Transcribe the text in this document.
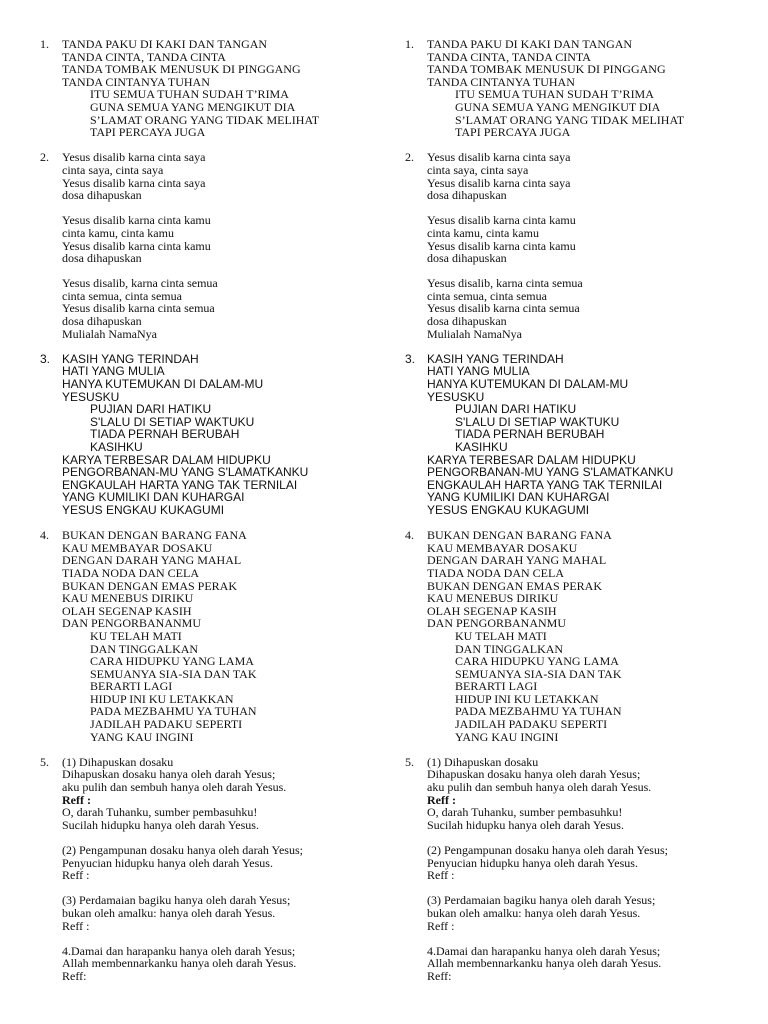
1. TANDA PAKU DI KAKI DAN TANGAN
TANDA CINTA, TANDA CINTA
TANDA TOMBAK MENUSUK DI PINGGANG
TANDA CINTANYA TUHAN
ITU SEMUA TUHAN SUDAH T’RIMA
GUNA SEMUA YANG MENGIKUT DIA
S’LAMAT ORANG YANG TIDAK MELIHAT
TAPI PERCAYA JUGA
2. Yesus disalib karna cinta saya
cinta saya, cinta saya
Yesus disalib karna cinta saya
dosa dihapuskan
Yesus disalib karna cinta kamu
cinta kamu, cinta kamu
Yesus disalib karna cinta kamu
dosa dihapuskan
Yesus disalib, karna cinta semua
cinta semua, cinta semua
Yesus disalib karna cinta semua
dosa dihapuskan
Mulialah NamaNya
3. KASIH YANG TERINDAH
HATI YANG MULIA
HANYA KUTEMUKAN DI DALAM-MU
YESUSKU
PUJIAN DARI HATIKU
S'LALU DI SETIAP WAKTUKU
TIADA PERNAH BERUBAH
KASIHKU
KARYA TERBESAR DALAM HIDUPKU
PENGORBANAN-MU YANG S'LAMATKANKU
ENGKAULAH HARTA YANG TAK TERNILAI
YANG KUMILIKI DAN KUHARGAI
YESUS ENGKAU KUKAGUMI
4. BUKAN DENGAN BARANG FANA
KAU MEMBAYAR DOSAKU
DENGAN DARAH YANG MAHAL
TIADA NODA DAN CELA
BUKAN DENGAN EMAS PERAK
KAU MENEBUS DIRIKU
OLAH SEGENAP KASIH
DAN PENGORBANANMU
KU TELAH MATI
DAN TINGGALKAN
CARA HIDUPKU YANG LAMA
SEMUANYA SIA-SIA DAN TAK
BERARTI LAGI
HIDUP INI KU LETAKKAN
PADA MEZBAHMU YA TUHAN
JADILAH PADAKU SEPERTI
YANG KAU INGINI
5. (1) Dihapuskan dosaku
Dihapuskan dosaku hanya oleh darah Yesus;
aku pulih dan sembuh hanya oleh darah Yesus.
Reff :
O, darah Tuhanku, sumber pembasuhku!
Sucilah hidupku hanya oleh darah Yesus.
(2) Pengampunan dosaku hanya oleh darah Yesus;
Penyucian hidupku hanya oleh darah Yesus.
Reff :
(3) Perdamaian bagiku hanya oleh darah Yesus;
bukan oleh amalku: hanya oleh darah Yesus.
Reff :
4.Damai dan harapanku hanya oleh darah Yesus;
Allah membennarkanku hanya oleh darah Yesus.
Reff:
1. TANDA PAKU DI KAKI DAN TANGAN
TANDA CINTA, TANDA CINTA
TANDA TOMBAK MENUSUK DI PINGGANG
TANDA CINTANYA TUHAN
ITU SEMUA TUHAN SUDAH T’RIMA
GUNA SEMUA YANG MENGIKUT DIA
S’LAMAT ORANG YANG TIDAK MELIHAT
TAPI PERCAYA JUGA
2. Yesus disalib karna cinta saya
cinta saya, cinta saya
Yesus disalib karna cinta saya
dosa dihapuskan
Yesus disalib karna cinta kamu
cinta kamu, cinta kamu
Yesus disalib karna cinta kamu
dosa dihapuskan
Yesus disalib, karna cinta semua
cinta semua, cinta semua
Yesus disalib karna cinta semua
dosa dihapuskan
Mulialah NamaNya
3. KASIH YANG TERINDAH
HATI YANG MULIA
HANYA KUTEMUKAN DI DALAM-MU
YESUSKU
PUJIAN DARI HATIKU
S'LALU DI SETIAP WAKTUKU
TIADA PERNAH BERUBAH
KASIHKU
KARYA TERBESAR DALAM HIDUPKU
PENGORBANAN-MU YANG S'LAMATKANKU
ENGKAULAH HARTA YANG TAK TERNILAI
YANG KUMILIKI DAN KUHARGAI
YESUS ENGKAU KUKAGUMI
4. BUKAN DENGAN BARANG FANA
KAU MEMBAYAR DOSAKU
DENGAN DARAH YANG MAHAL
TIADA NODA DAN CELA
BUKAN DENGAN EMAS PERAK
KAU MENEBUS DIRIKU
OLAH SEGENAP KASIH
DAN PENGORBANANMU
KU TELAH MATI
DAN TINGGALKAN
CARA HIDUPKU YANG LAMA
SEMUANYA SIA-SIA DAN TAK
BERARTI LAGI
HIDUP INI KU LETAKKAN
PADA MEZBAHMU YA TUHAN
JADILAH PADAKU SEPERTI
YANG KAU INGINI
5. (1) Dihapuskan dosaku
Dihapuskan dosaku hanya oleh darah Yesus;
aku pulih dan sembuh hanya oleh darah Yesus.
Reff :
O, darah Tuhanku, sumber pembasuhku!
Sucilah hidupku hanya oleh darah Yesus.
(2) Pengampunan dosaku hanya oleh darah Yesus;
Penyucian hidupku hanya oleh darah Yesus.
Reff :
(3) Perdamaian bagiku hanya oleh darah Yesus;
bukan oleh amalku: hanya oleh darah Yesus.
Reff :
4.Damai dan harapanku hanya oleh darah Yesus;
Allah membennarkanku hanya oleh darah Yesus.
Reff:
